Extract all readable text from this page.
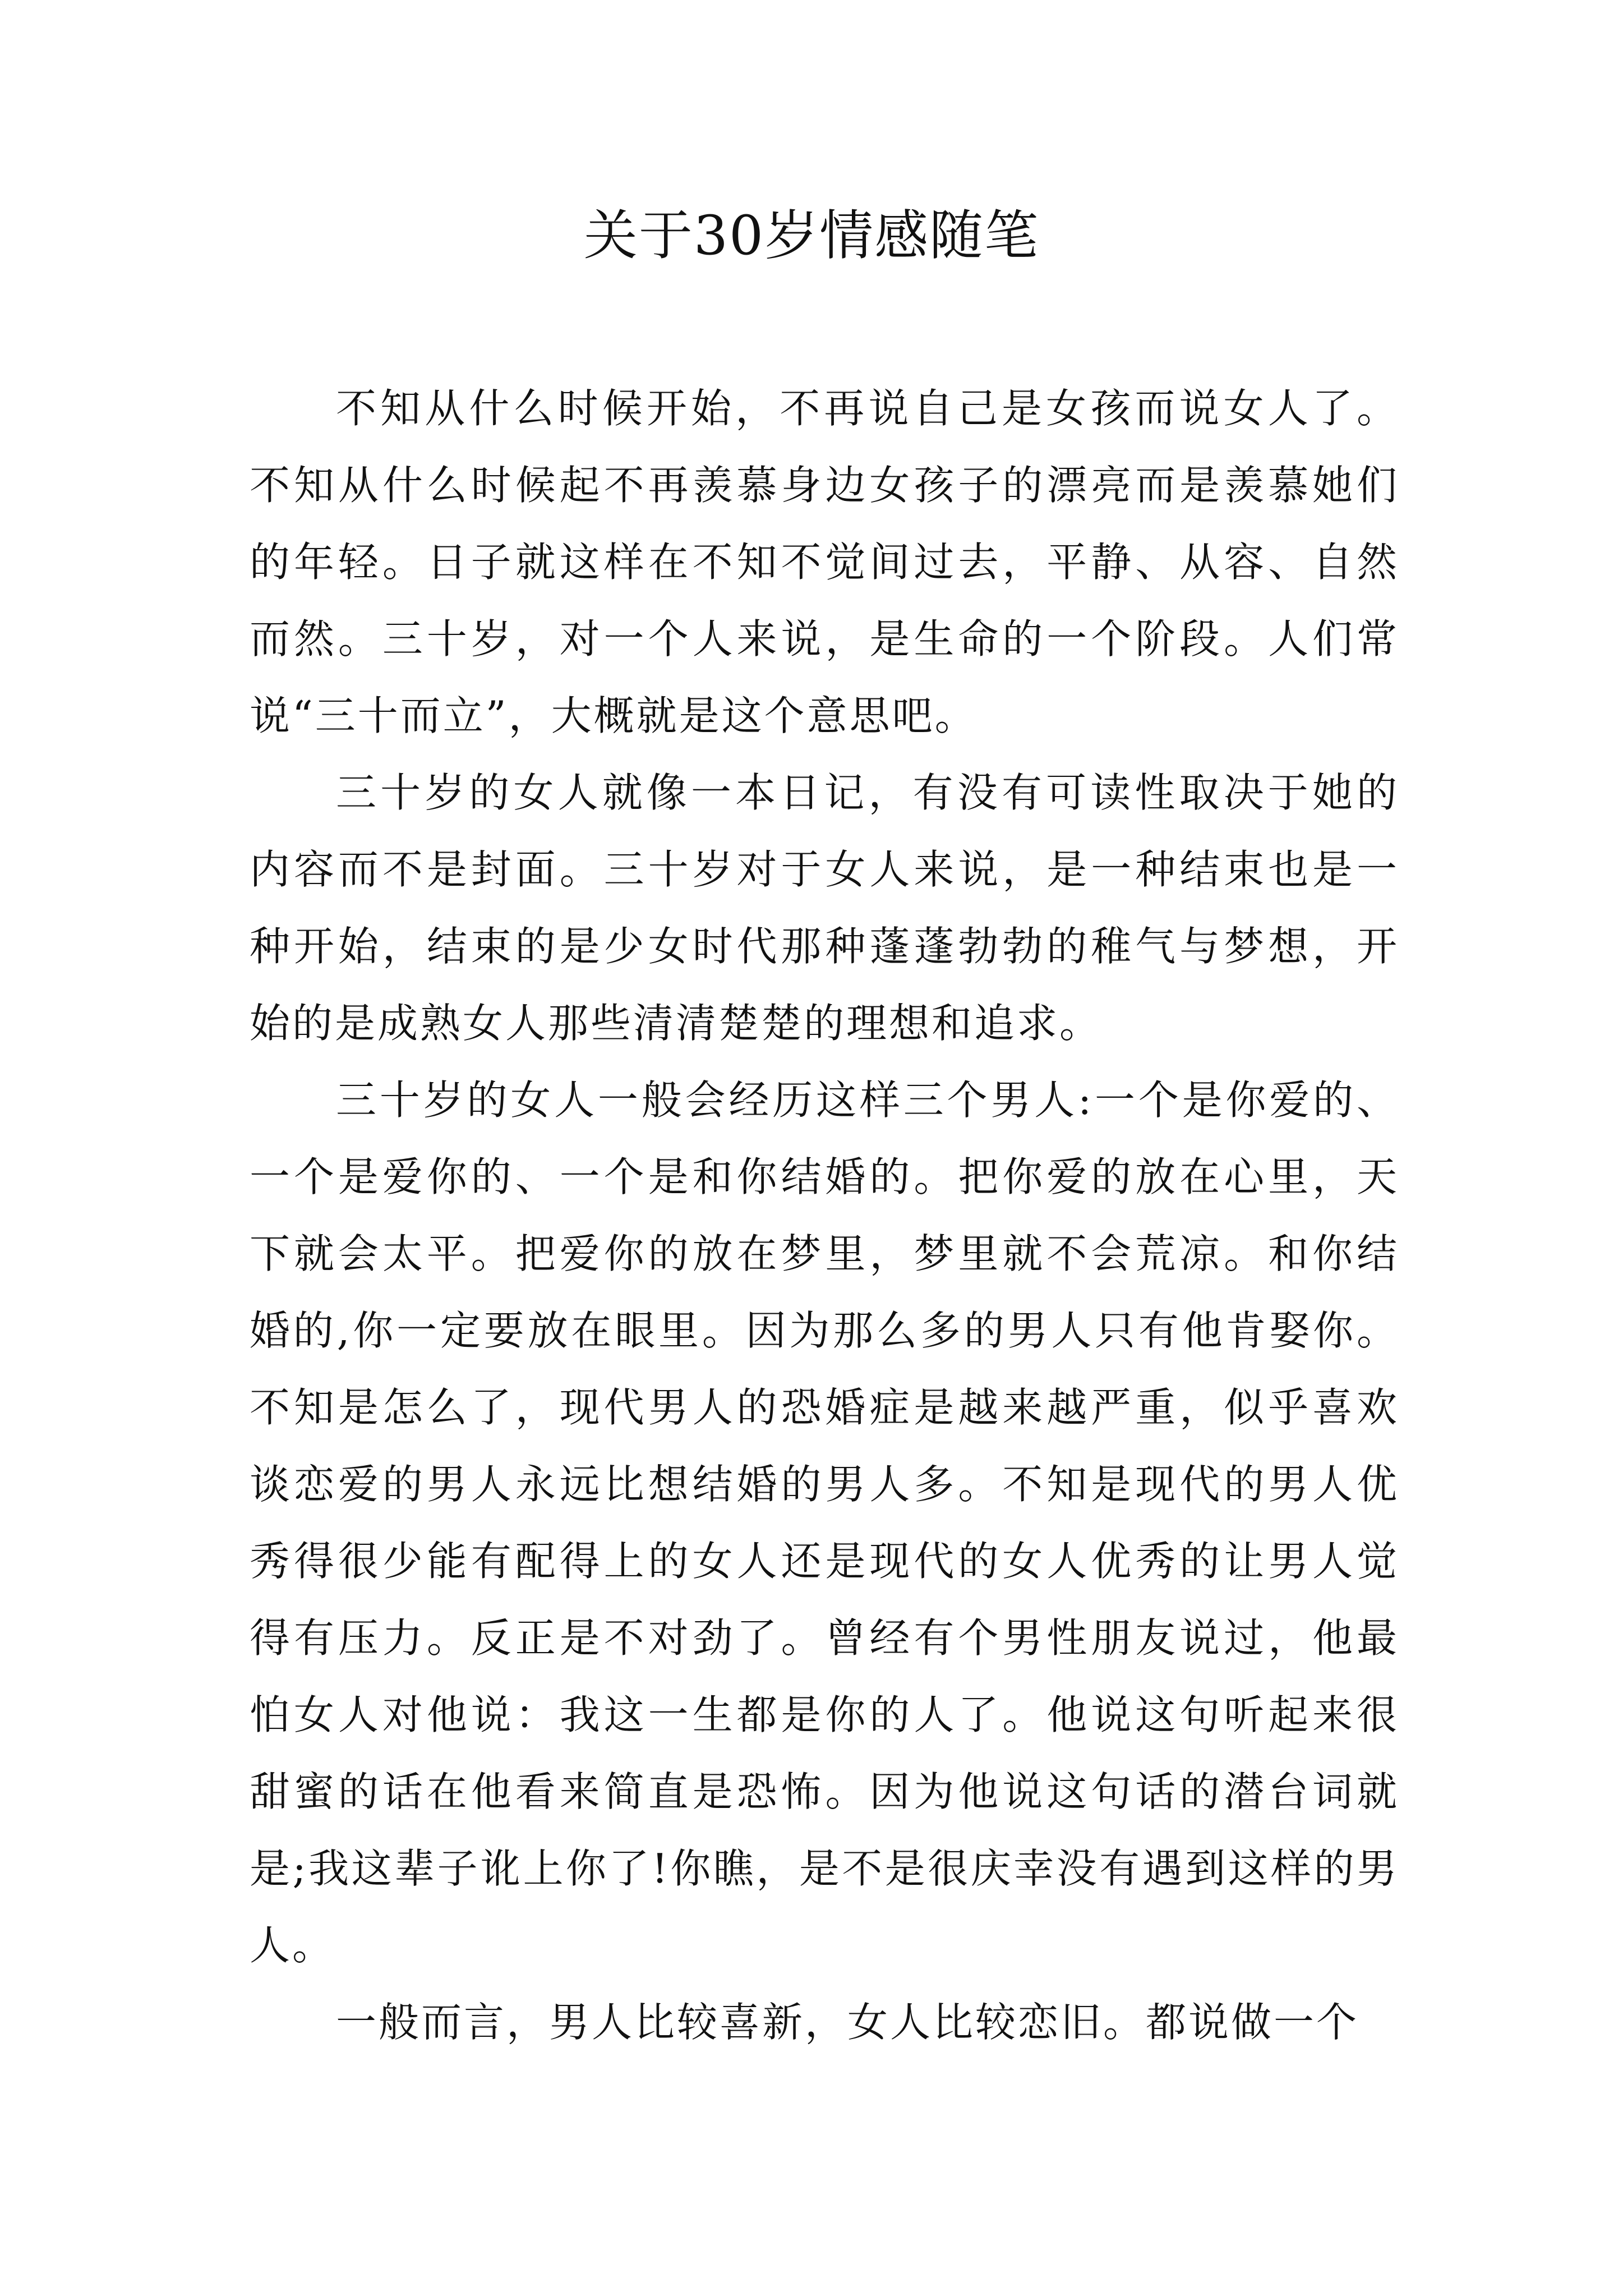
关于30岁情感随笔

不知从什么时候开始，不再说自己是女孩而说女人了。不知从什么时候起不再羡慕身边女孩子的漂亮而是羡慕她们的年轻。日子就这样在不知不觉间过去，平静、从容、自然而然。三十岁，对一个人来说，是生命的一个阶段。人们常说“三十而立”，大概就是这个意思吧。

三十岁的女人就像一本日记，有没有可读性取决于她的内容而不是封面。三十岁对于女人来说，是一种结束也是一种开始，结束的是少女时代那种蓬蓬勃勃的稚气与梦想，开始的是成熟女人那些清清楚楚的理想和追求。

三十岁的女人一般会经历这样三个男人:一个是你爱的、一个是爱你的、一个是和你结婚的。把你爱的放在心里，天下就会太平。把爱你的放在梦里，梦里就不会荒凉。和你结婚的,你一定要放在眼里。因为那么多的男人只有他肯娶你。不知是怎么了，现代男人的恐婚症是越来越严重，似乎喜欢谈恋爱的男人永远比想结婚的男人多。不知是现代的男人优秀得很少能有配得上的女人还是现代的女人优秀的让男人觉得有压力。反正是不对劲了。曾经有个男性朋友说过，他最怕女人对他说：我这一生都是你的人了。他说这句听起来很甜蜜的话在他看来简直是恐怖。因为他说这句话的潜台词就是;我这辈子讹上你了!你瞧，是不是很庆幸没有遇到这样的男人。

一般而言，男人比较喜新，女人比较恋旧。都说做一个
